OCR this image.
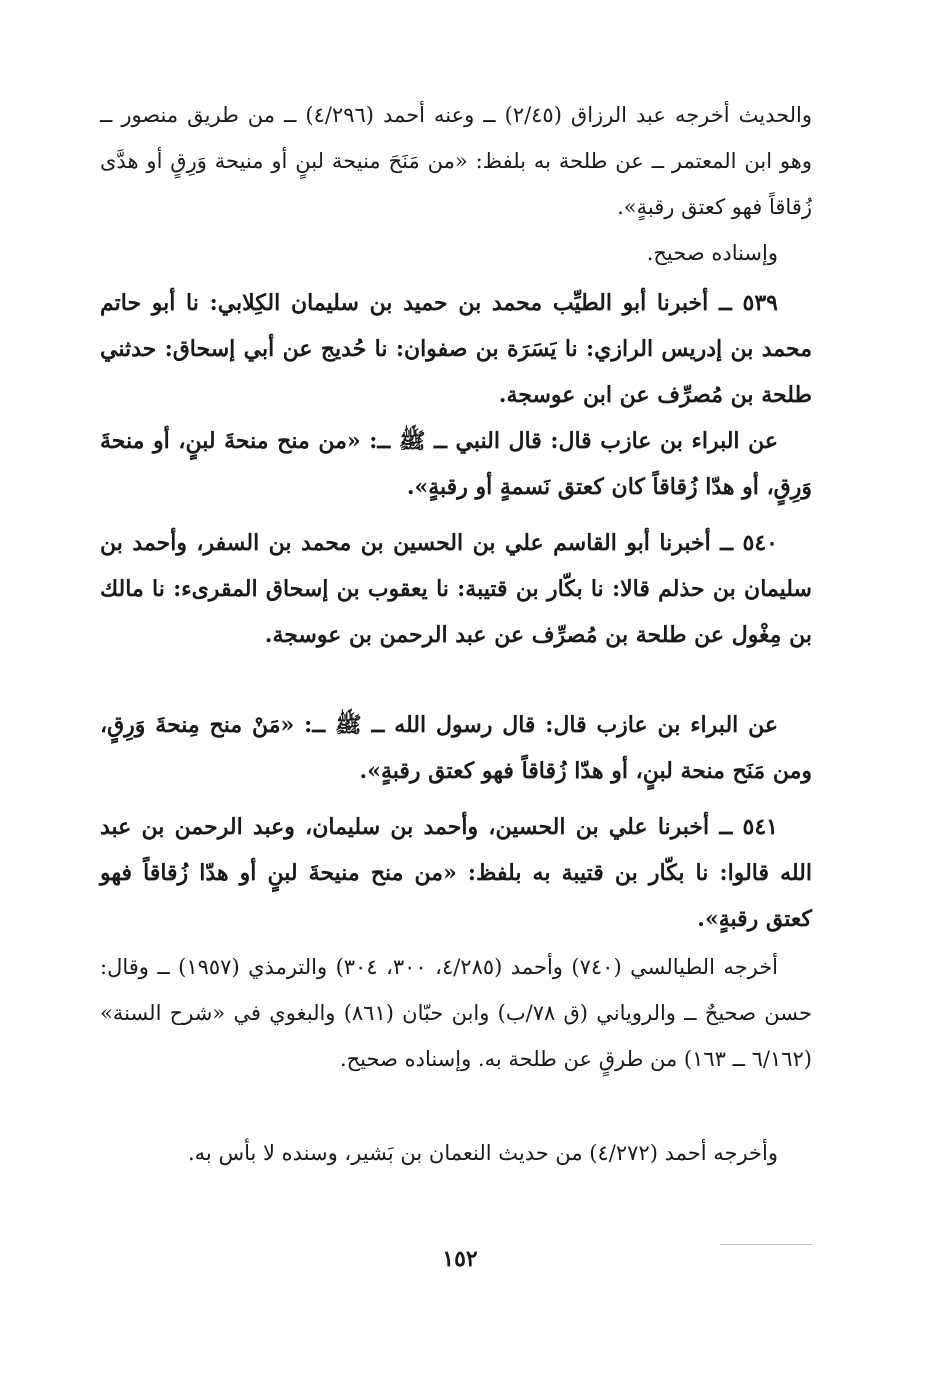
والحديث أخرجه عبد الرزاق (٢/٤٥) ــ وعنه أحمد (٤/٢٩٦) ــ من طريق منصور ــ وهو ابن المعتمر ــ عن طلحة به بلفظ: «من مَنَحَ منيحة لبنٍ أو منيحة وَرِقٍ أو هدَّى زُقاقاً فهو كعتق رقبةٍ».

وإسناده صحيح.

٥٣٩ ــ أخبرنا أبو الطيِّب محمد بن حميد بن سليمان الكِلابي: نا أبو حاتم محمد بن إدريس الرازي: نا يَسَرَة بن صفوان: نا حُديج عن أبي إسحاق: حدثني طلحة بن مُصرِّف عن ابن عوسجة.

عن البراء بن عازب قال: قال النبي ــ ﷺ ــ: «من منح منحةَ لبنٍ، أو منحةَ وَرِقٍ، أو هدّا زُقاقاً كان كعتق نَسمةٍ أو رقبةٍ».

٥٤٠ ــ أخبرنا أبو القاسم علي بن الحسين بن محمد بن السفر، وأحمد بن سليمان بن حذلم قالا: نا بكّار بن قتيبة: نا يعقوب بن إسحاق المقرىء: نا مالك بن مِغْول عن طلحة بن مُصرِّف عن عبد الرحمن بن عوسجة.

عن البراء بن عازب قال: قال رسول الله ــ ﷺ ــ: «مَنْ منح مِنحةَ وَرِقٍ، ومن مَنَح منحة لبنٍ، أو هدّا زُقاقاً فهو كعتق رقبةٍ».

٥٤١ ــ أخبرنا علي بن الحسين، وأحمد بن سليمان، وعبد الرحمن بن عبد الله قالوا: نا بكّار بن قتيبة به بلفظ: «من منح منيحةَ لبنٍ أو هدّا زُقاقاً فهو كعتق رقبةٍ».

أخرجه الطيالسي (٧٤٠) وأحمد (٤/٢٨٥، ٣٠٠، ٣٠٤) والترمذي (١٩٥٧) ــ وقال: حسن صحيحٌ ــ والروياني (ق ٧٨/ب) وابن حبّان (٨٦١) والبغوي في «شرح السنة» (٦/١٦٢ ــ ١٦٣) من طرقٍ عن طلحة به. وإسناده صحيح.

وأخرجه أحمد (٤/٢٧٢) من حديث النعمان بن بَشير، وسنده لا بأس به.

١٥٢
